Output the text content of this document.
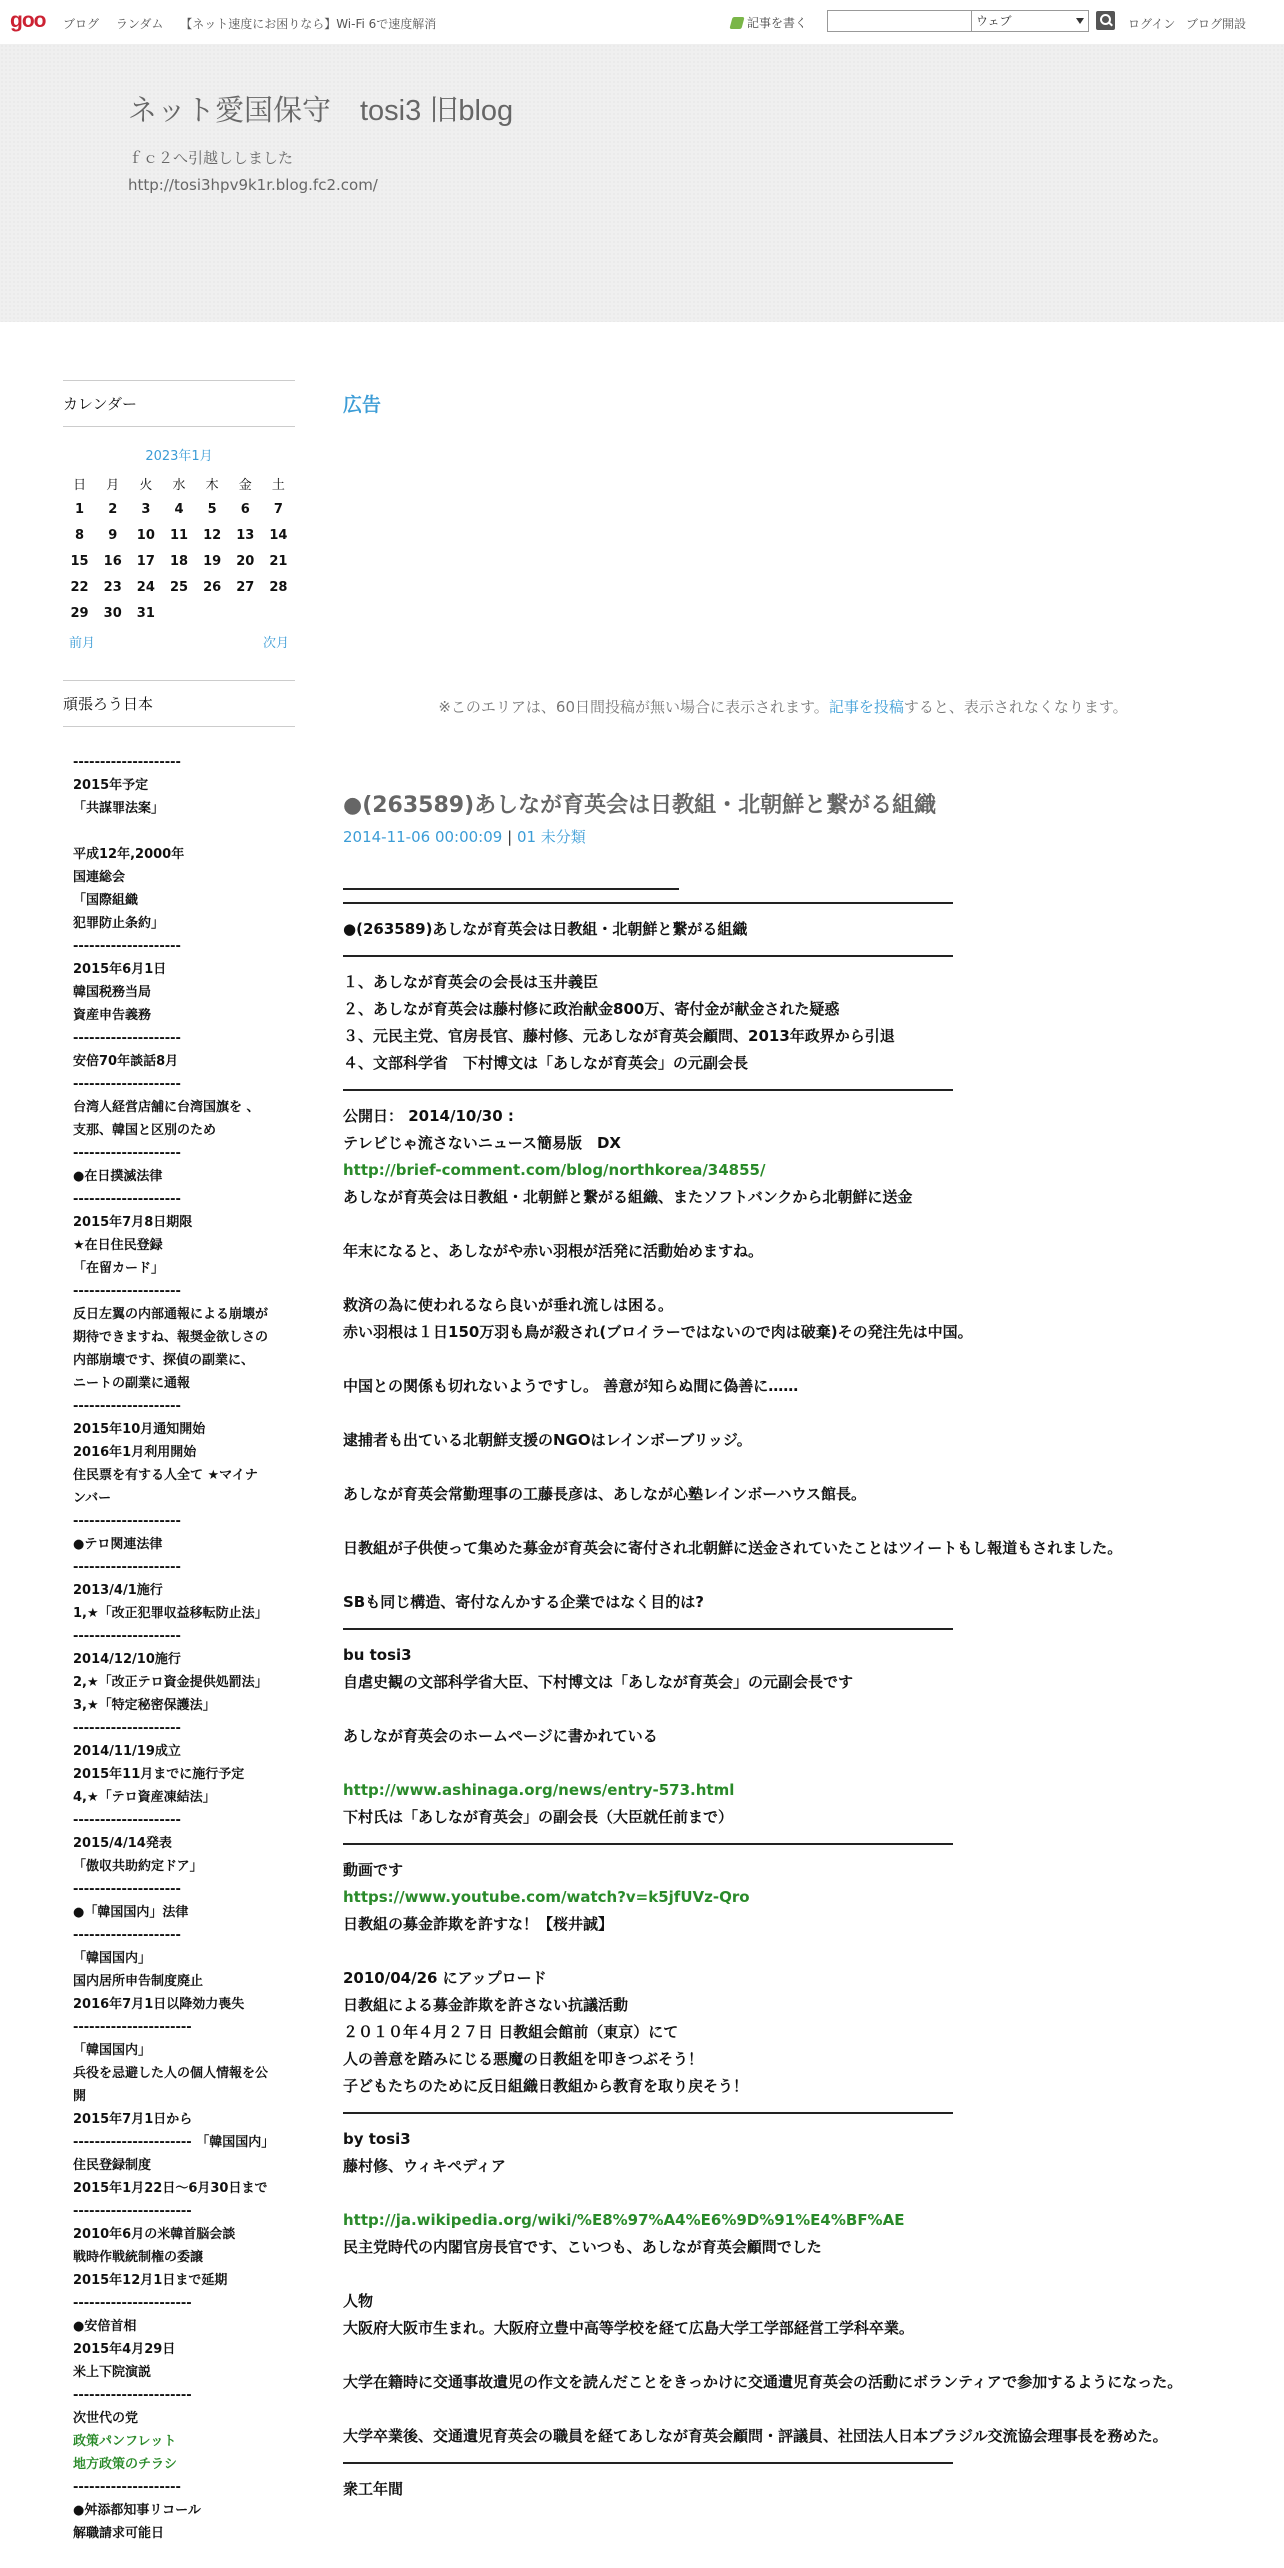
goo ブログ ランダム 【ネット速度にお困りなら】Wi-Fi 6で速度解消	記事を書く	ウェブ	ログイン ブログ開設
ネット愛国保守　tosi3 旧blog
ｆｃ２へ引越ししました
http://tosi3hpv9k1r.blog.fc2.com/
カレンダー
2023年1月
日	月	火	水	木	金	土
1	2	3	4	5	6	7
8	9	10	11	12	13	14
15	16	17	18	19	20	21
22	23	24	25	26	27	28
29	30	31				
前月	次月
頑張ろう日本
--------------------
2015年予定
「共謀罪法案」

平成12年,2000年
国連総会
「国際組織
犯罪防止条約」
--------------------
2015年6月1日
韓国税務当局
資産申告義務
--------------------
安倍70年談話8月
--------------------
台湾人経営店舗に台湾国旗を 、
支那、韓国と区別のため
--------------------
●在日撲滅法律
--------------------
2015年7月8日期限
★在日住民登録
「在留カード」
--------------------
反日左翼の内部通報による崩壊が
期待できますね、報奨金欲しさの
内部崩壊です、探偵の副業に、
ニートの副業に通報
--------------------
2015年10月通知開始
2016年1月利用開始
住民票を有する人全て ★マイナ
ンバー
--------------------
●テロ関連法律
--------------------
2013/4/1施行
1,★「改正犯罪収益移転防止法」
--------------------
2014/12/10施行
2,★「改正テロ資金提供処罰法」
3,★「特定秘密保護法」
--------------------
2014/11/19成立
2015年11月までに施行予定
4,★「テロ資産凍結法」
--------------------
2015/4/14発表
「傲収共助約定ドア」
--------------------
●「韓国国内」法律
--------------------
「韓国国内」
国内居所申告制度廃止
2016年7月1日以降効力喪失
----------------------
「韓国国内」
兵役を忌避した人の個人情報を公
開
2015年7月1日から
---------------------- 「韓国国内」
住民登録制度
2015年1月22日～6月30日まで
----------------------
2010年6月の米韓首脳会談
戦時作戦統制権の委譲
2015年12月1日まで延期
----------------------
●安倍首相
2015年4月29日
米上下院演説
----------------------
次世代の党
政策パンフレット
地方政策のチラシ
--------------------
●舛添都知事リコール
解職請求可能日
広告
※このエリアは、60日間投稿が無い場合に表示されます。記事を投稿すると、表示されなくなります。
●(263589)あしなが育英会は日教組・北朝鮮と繋がる組織
2014-11-06 00:00:09 | 01 未分類
●(263589)あしなが育英会は日教組・北朝鮮と繋がる組織
１、あしなが育英会の会長は玉井義臣
２、あしなが育英会は藤村修に政治献金800万、寄付金が献金された疑惑
３、元民主党、官房長官、藤村修、元あしなが育英会顧問、2013年政界から引退
４、文部科学省　下村博文は「あしなが育英会」の元副会長
公開日： 2014/10/30 :
テレビじゃ流さないニュース簡易版　DX
http://brief-comment.com/blog/northkorea/34855/
あしなが育英会は日教組・北朝鮮と繋がる組織、またソフトバンクから北朝鮮に送金

年末になると、あしながや赤い羽根が活発に活動始めますね。

救済の為に使われるなら良いが垂れ流しは困る。
赤い羽根は１日150万羽も鳥が殺され(ブロイラーではないので肉は破棄)その発注先は中国。

中国との関係も切れないようですし。 善意が知らぬ間に偽善に……

逮捕者も出ている北朝鮮支援のNGOはレインボーブリッジ。

あしなが育英会常勤理事の工藤長彦は、あしなが心塾レインボーハウス館長。

日教組が子供使って集めた募金が育英会に寄付され北朝鮮に送金されていたことはツイートもし報道もされました。

SBも同じ構造、寄付なんかする企業ではなく目的は?
bu tosi3
自虐史観の文部科学省大臣、下村博文は「あしなが育英会」の元副会長です

あしなが育英会のホームページに書かれている

http://www.ashinaga.org/news/entry-573.html
下村氏は「あしなが育英会」の副会長（大臣就任前まで）
動画です
https://www.youtube.com/watch?v=k5jfUVz-Qro
日教組の募金詐欺を許すな！【桜井誠】

2010/04/26 にアップロード
日教組による募金詐欺を許さない抗議活動
２０１０年４月２７日 日教組会館前（東京）にて
人の善意を踏みにじる悪魔の日教組を叩きつぶそう！
子どもたちのために反日組織日教組から教育を取り戻そう！
by tosi3
藤村修、ウィキペディア

http://ja.wikipedia.org/wiki/%E8%97%A4%E6%9D%91%E4%BF%AE
民主党時代の内閣官房長官です、こいつも、あしなが育英会顧問でした

人物
大阪府大阪市生まれ。大阪府立豊中高等学校を経て広島大学工学部経営工学科卒業。

大学在籍時に交通事故遺児の作文を読んだことをきっかけに交通遺児育英会の活動にボランティアで参加するようになった。

大学卒業後、交通遺児育英会の職員を経てあしなが育英会顧問・評議員、社団法人日本ブラジル交流協会理事長を務めた。
衆工年間
